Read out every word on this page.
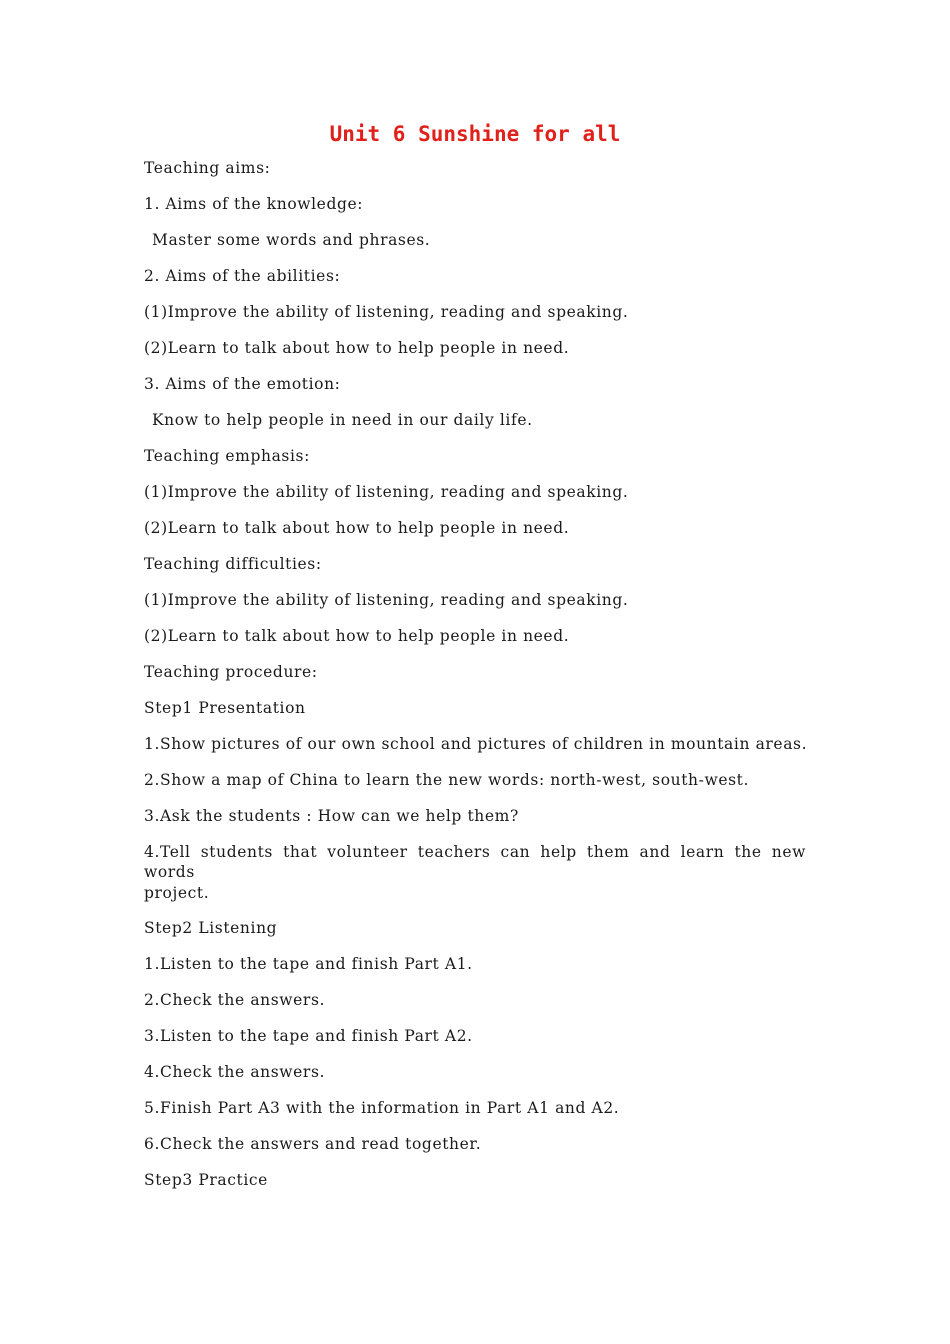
Unit 6 Sunshine for all
Teaching aims:
1. Aims of the knowledge:
Master some words and phrases.
2. Aims of the abilities:
(1)Improve the ability of listening, reading and speaking.
(2)Learn to talk about how to help people in need.
3. Aims of the emotion:
Know to help people in need in our daily life.
Teaching emphasis:
(1)Improve the ability of listening, reading and speaking.
(2)Learn to talk about how to help people in need.
Teaching difficulties:
(1)Improve the ability of listening, reading and speaking.
(2)Learn to talk about how to help people in need.
Teaching procedure:
Step1 Presentation
1.Show pictures of our own school and pictures of children in mountain areas.
2.Show a map of China to learn the new words: north-west, south-west.
3.Ask the students : How can we help them?
4.Tell students that volunteer teachers can help them and learn the new words
project.
Step2 Listening
1.Listen to the tape and finish Part A1.
2.Check the answers.
3.Listen to the tape and finish Part A2.
4.Check the answers.
5.Finish Part A3 with the information in Part A1 and A2.
6.Check the answers and read together.
Step3 Practice
